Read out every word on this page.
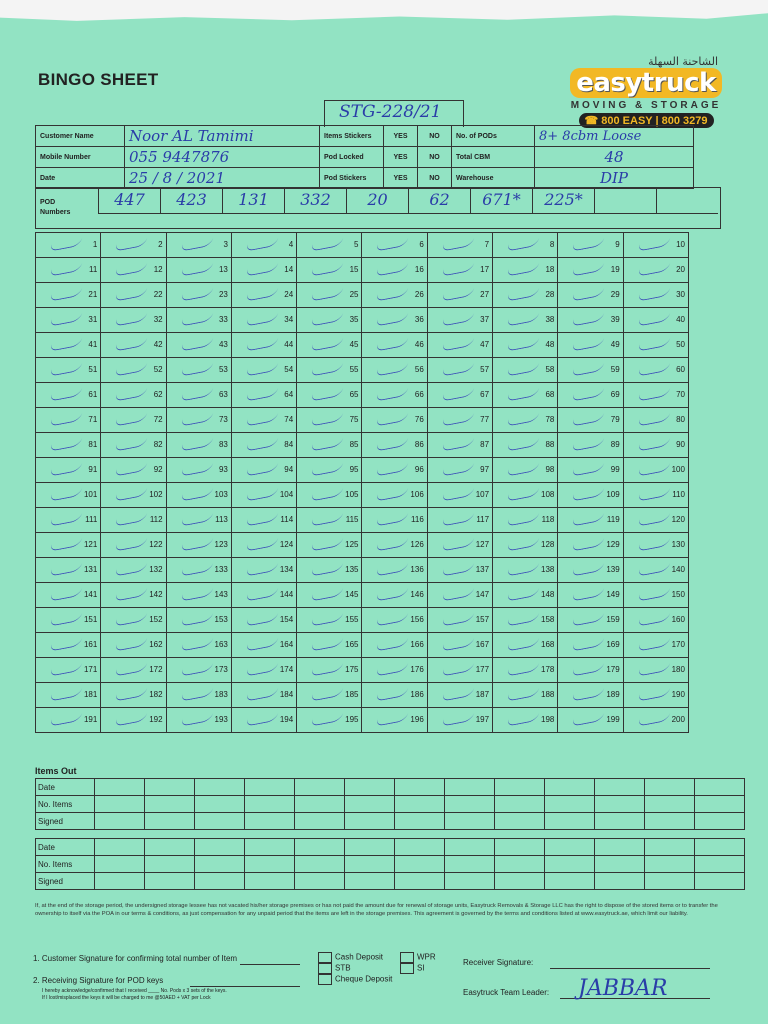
BINGO SHEET
الشاحنة السهلة
easytruck
MOVING & STORAGE
☎ 800 EASY | 800 3279
STG-228/21
Customer Name	Noor AL Tamimi	Items Stickers	YES	NO	No. of PODs	8+ 8cbm Loose
Mobile Number	055 9447876	Pod Locked	YES	NO	Total CBM	48
Date	25 / 8 / 2021	Pod Stickers	YES	NO	Warehouse	DIP
POD
Numbers
447	423	131	332	20	62	671*	225*
1	2	3	4	5	6	7	8	9	10

11	12	13	14	15	16	17	18	19	20

21	22	23	24	25	26	27	28	29	30

31	32	33	34	35	36	37	38	39	40

41	42	43	44	45	46	47	48	49	50

51	52	53	54	55	56	57	58	59	60

61	62	63	64	65	66	67	68	69	70

71	72	73	74	75	76	77	78	79	80

81	82	83	84	85	86	87	88	89	90

91	92	93	94	95	96	97	98	99	100

101	102	103	104	105	106	107	108	109	110

111	112	113	114	115	116	117	118	119	120

121	122	123	124	125	126	127	128	129	130

131	132	133	134	135	136	137	138	139	140

141	142	143	144	145	146	147	148	149	150

151	152	153	154	155	156	157	158	159	160

161	162	163	164	165	166	167	168	169	170

171	172	173	174	175	176	177	178	179	180

181	182	183	184	185	186	187	188	189	190

191	192	193	194	195	196	197	198	199	200
Items Out
Date													
No. Items													
Signed													
Date													
No. Items													
Signed													
If, at the end of the storage period, the undersigned storage lessee has not vacated his/her storage premises or has not paid the amount due for renewal of storage units, Easytruck Removals & Storage LLC has the right to dispose of the stored items or to transfer the ownership to itself via the POA in our terms & conditions, as just compensation for any unpaid period that the items are left in the storage premises. This agreement is governed by the terms and conditions listed at www.easytruck.ae, which limit our liability.
1. Customer Signature for confirming total number of Item
2. Receiving Signature for POD keys
I hereby acknowledge/confirmed that I received ____ No. Pods x 3 sets of the keys.
If I lost/misplaced the keys it will be charged to me @50AED + VAT per Lock
Cash Deposit
STB
Cheque Deposit
WPR
SI
Receiver Signature:
Easytruck Team Leader: JABBAR
